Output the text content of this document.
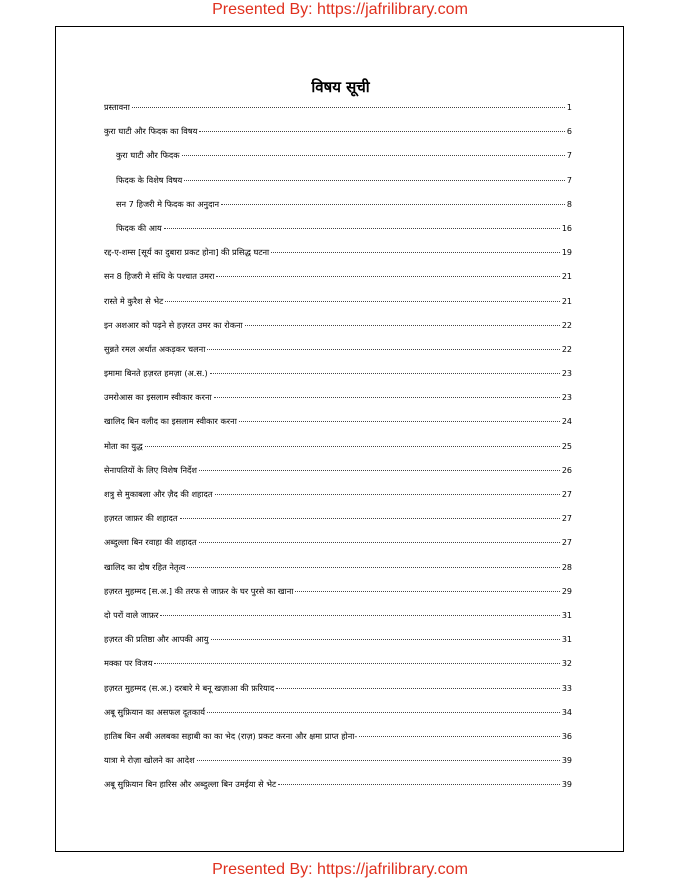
Presented By: https://jafrilibrary.com
विषय सूची
प्रस्तावना	1
कुरा घाटी और फिदक का विषय	6
कुरा घाटी और फिदक	7
फिदक के विशेष विषय	7
सन 7 हिजरी मे फिदक का अनुदान	8
फिदक की आय	16
रद्द-ए-शम्स [सूर्य का दुबारा प्रकट होना] की प्रसिद्ध घटना	19
सन 8 हिजरी मे संधि के पश्चात उमरा	21
रास्ते मे कुरैश से भेट	21
इन अशआर को पढ़ने से हज़रत उमर का रोकना	22
सुन्नते रमल अर्थात अकड़कर चलना	22
इमामा बिनते हज़रत हमज़ा (अ.स.)	23
उमरोआस का इसलाम स्वीकार करना	23
खालिद बिन वलीद का इसलाम स्वीकार करना	24
मोता का युद्ध	25
सेनापतियों के लिए विशेष निर्देश	26
शत्रु से मुकाबला और ज़ैद की शहादत	27
हज़रत जाफ़र की शहादत	27
अब्दुल्ला बिन रवाहा की शहादत	27
खालिद का दोष रहित नेतृत्व	28
हज़रत मुहम्मद [स.अ.] की तरफ से जाफ़र के घर पुरसे का खाना	29
दो परों वाले जाफ़र	31
हज़रत की प्रतिष्ठा और आपकी आयु	31
मक्का पर विजय	32
हज़रत मुहम्मद (स.अ.) दरबारे मे बनू खज़ाआ की फ़रियाद	33
अबू सुफ़ियान का असफल दूतकार्य	34
हातिब बिन अबी अलबका सहाबी का का भेद (राज़) प्रकट करना और क्षमा प्राप्त होना-	36
यात्रा मे रोज़ा खोलने का आदेश	39
अबू सुफ़ियान बिन हारिस और अब्दुल्ला बिन उमईया से भेट	39
Presented By: https://jafrilibrary.com
